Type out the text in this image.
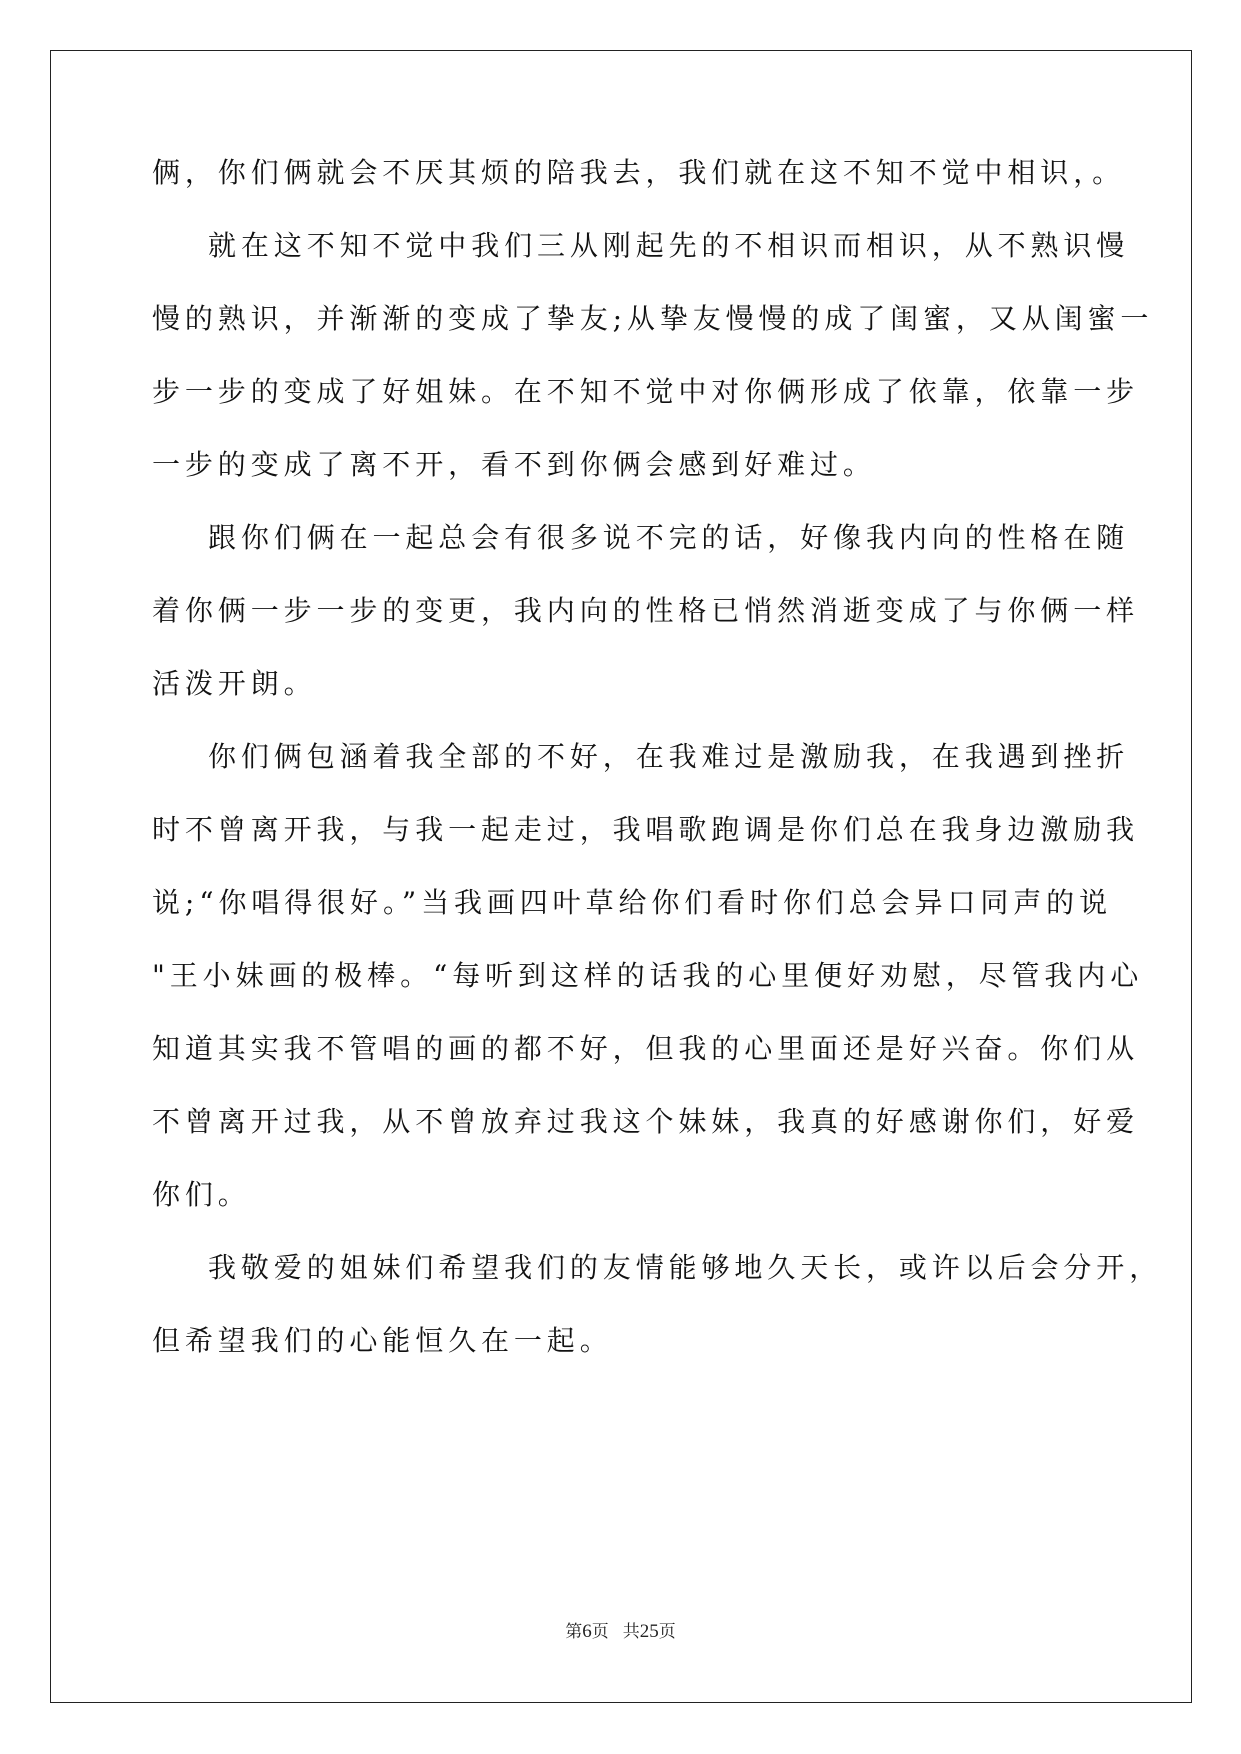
俩，你们俩就会不厌其烦的陪我去，我们就在这不知不觉中相识，。
就在这不知不觉中我们三从刚起先的不相识而相识，从不熟识慢
慢的熟识，并渐渐的变成了挚友;从挚友慢慢的成了闺蜜，又从闺蜜一
步一步的变成了好姐妹。在不知不觉中对你俩形成了依靠，依靠一步
一步的变成了离不开，看不到你俩会感到好难过。
跟你们俩在一起总会有很多说不完的话，好像我内向的性格在随
着你俩一步一步的变更，我内向的性格已悄然消逝变成了与你俩一样
活泼开朗。
你们俩包涵着我全部的不好，在我难过是激励我，在我遇到挫折
时不曾离开我，与我一起走过，我唱歌跑调是你们总在我身边激励我
说;“你唱得很好。”当我画四叶草给你们看时你们总会异口同声的说
"王小妹画的极棒。“每听到这样的话我的心里便好劝慰，尽管我内心
知道其实我不管唱的画的都不好，但我的心里面还是好兴奋。你们从
不曾离开过我，从不曾放弃过我这个妹妹，我真的好感谢你们，好爱
你们。
我敬爱的姐妹们希望我们的友情能够地久天长，或许以后会分开，
但希望我们的心能恒久在一起。
第6页 共25页
